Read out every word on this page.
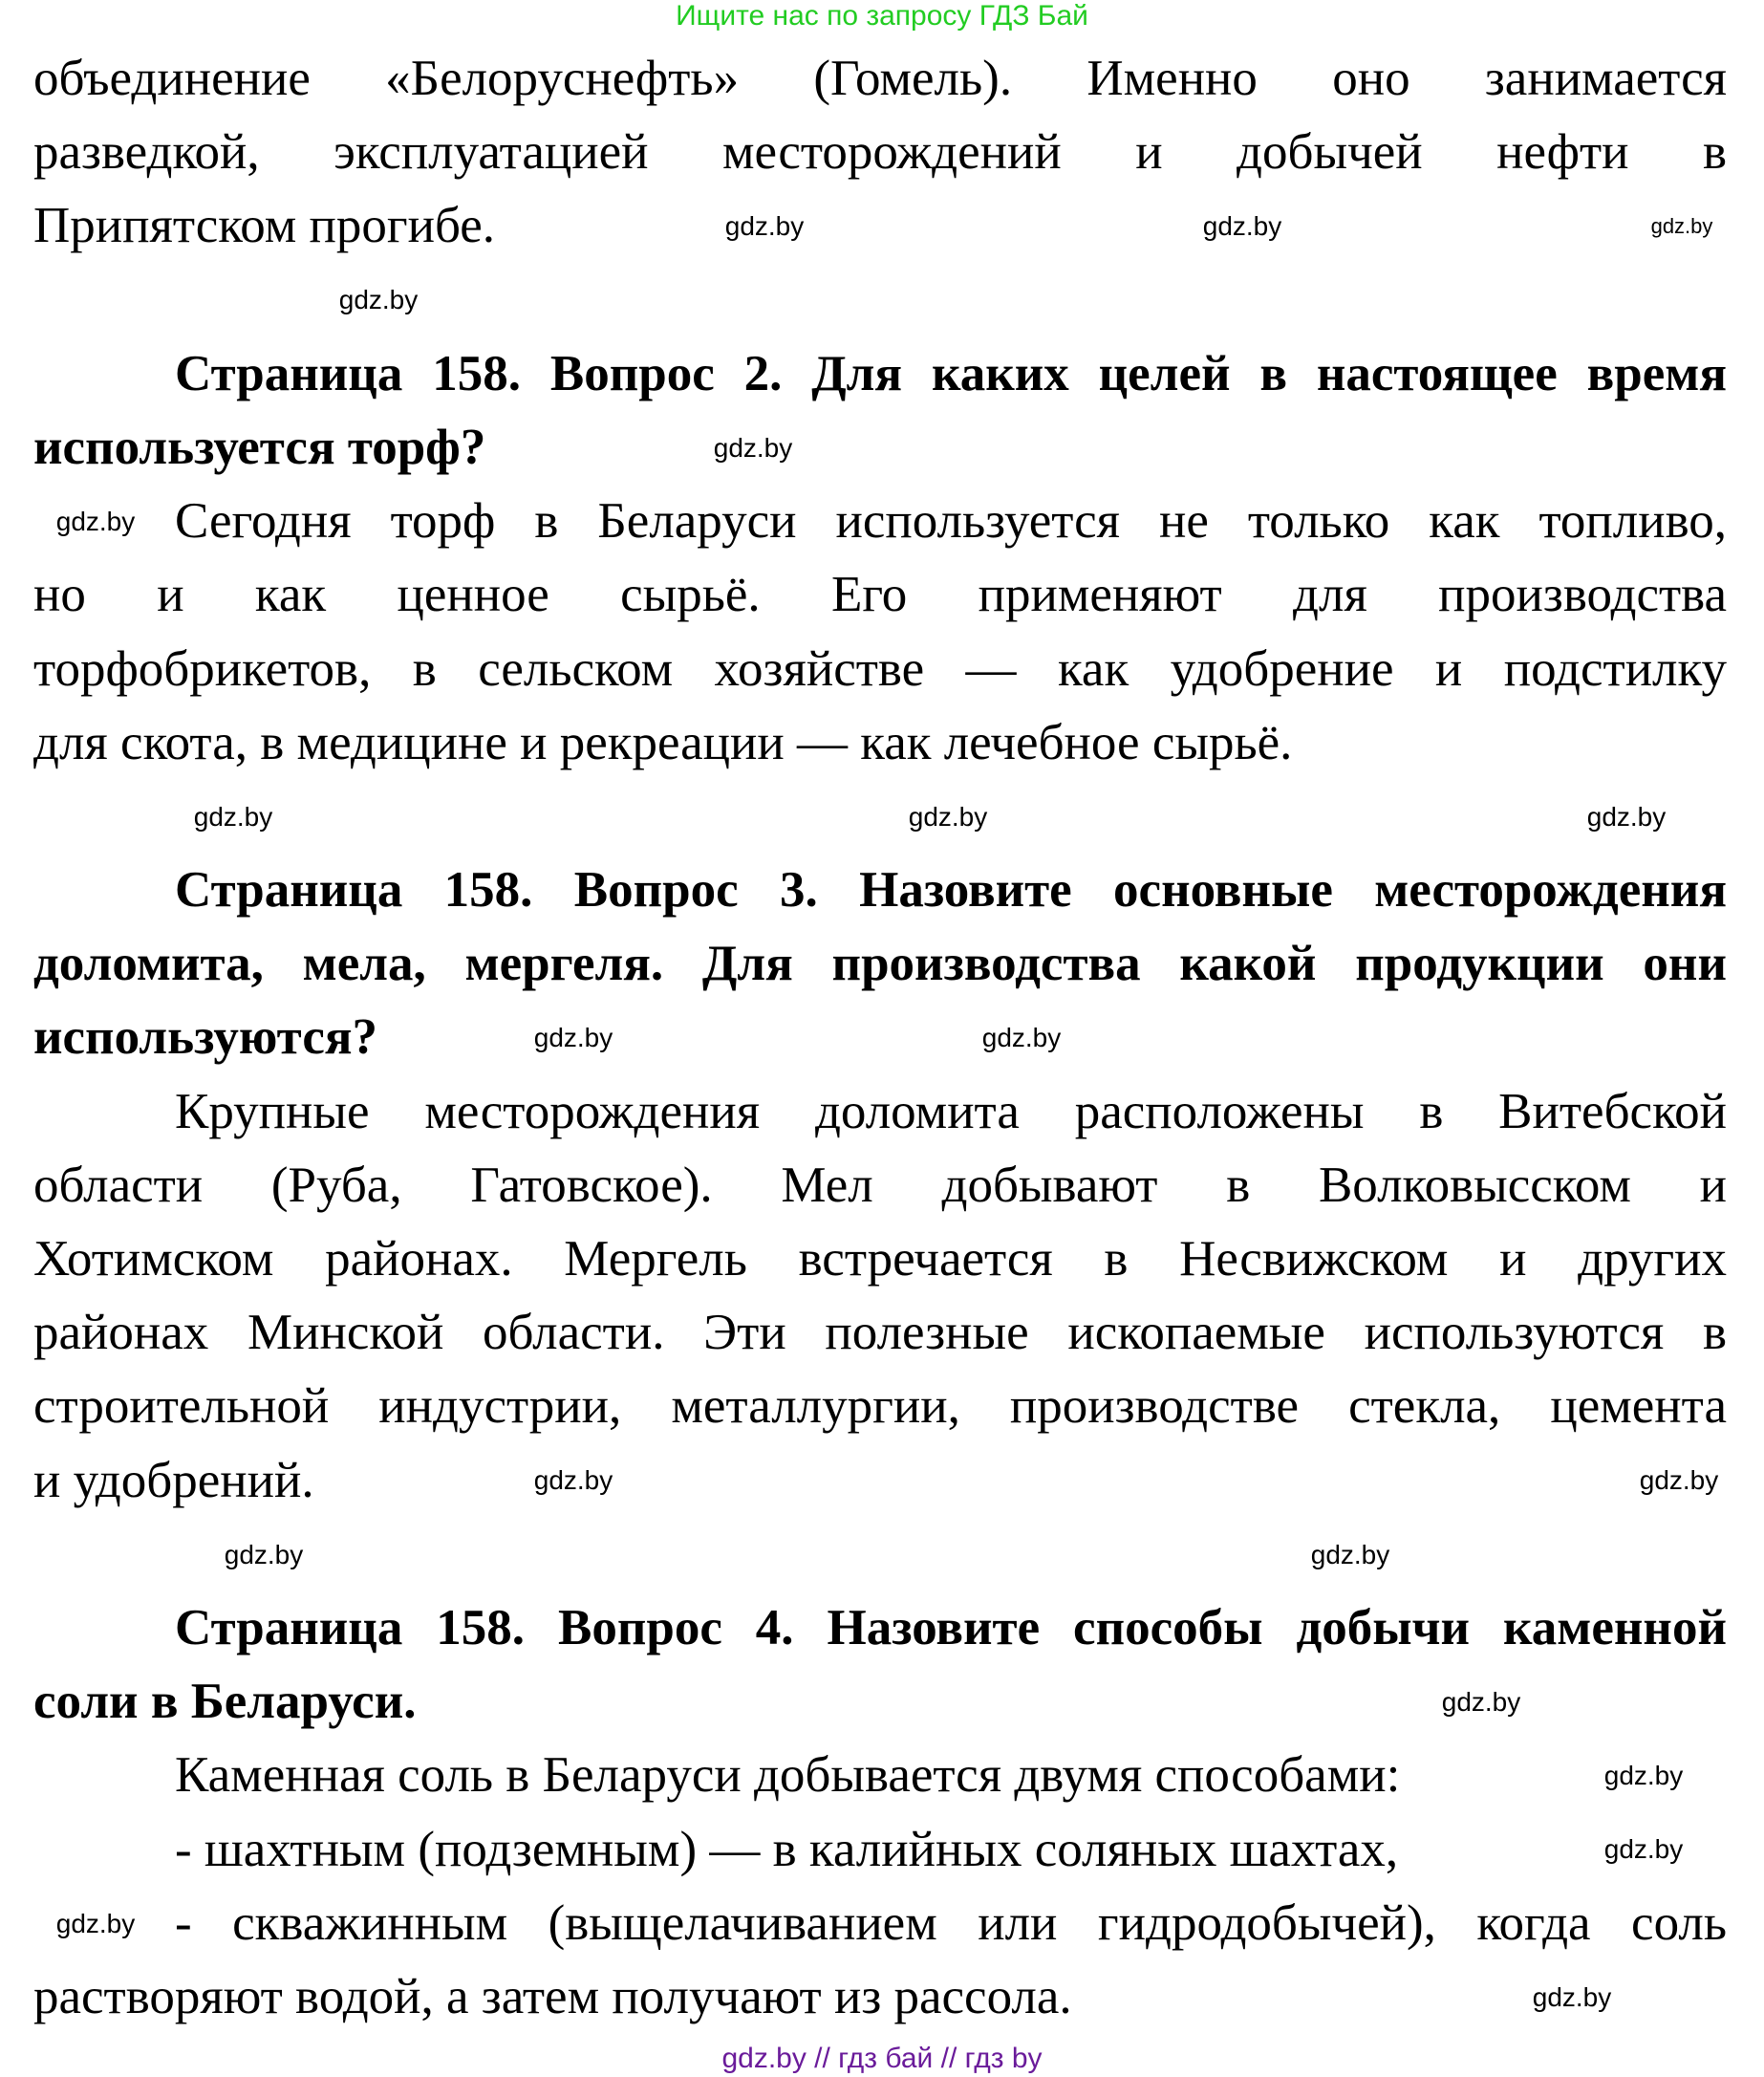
Ищите нас по запросу ГДЗ Бай
объединение «Белоруснефть» (Гомель). Именно оно занимается
разведкой, эксплуатацией месторождений и добычей нефти в
Припятском прогибе.
Страница 158. Вопрос 2. Для каких целей в настоящее время
используется торф?
Сегодня торф в Беларуси используется не только как топливо,
но и как ценное сырьё. Его применяют для производства
торфобрикетов, в сельском хозяйстве — как удобрение и подстилку
для скота, в медицине и рекреации — как лечебное сырьё.
Страница 158. Вопрос 3. Назовите основные месторождения
доломита, мела, мергеля. Для производства какой продукции они
используются?
Крупные месторождения доломита расположены в Витебской
области (Руба, Гатовское). Мел добывают в Волковысском и
Хотимском районах. Мергель встречается в Несвижском и других
районах Минской области. Эти полезные ископаемые используются в
строительной индустрии, металлургии, производстве стекла, цемента
и удобрений.
Страница 158. Вопрос 4. Назовите способы добычи каменной
соли в Беларуси.
Каменная соль в Беларуси добывается двумя способами:
- шахтным (подземным) — в калийных соляных шахтах,
- скважинным (выщелачиванием или гидродобычей), когда соль
растворяют водой, а затем получают из рассола.
gdz.by	gdz.by
gdz.by
gdz.by
gdz.by
gdz.by
gdz.by	gdz.by
gdz.by
gdz.by	gdz.by
gdz.by
gdz.by
gdz.by
gdz.by
gdz.by
gdz.by
gdz.by
gdz.by
gdz.by
gdz.by // гдз бай // гдз by
